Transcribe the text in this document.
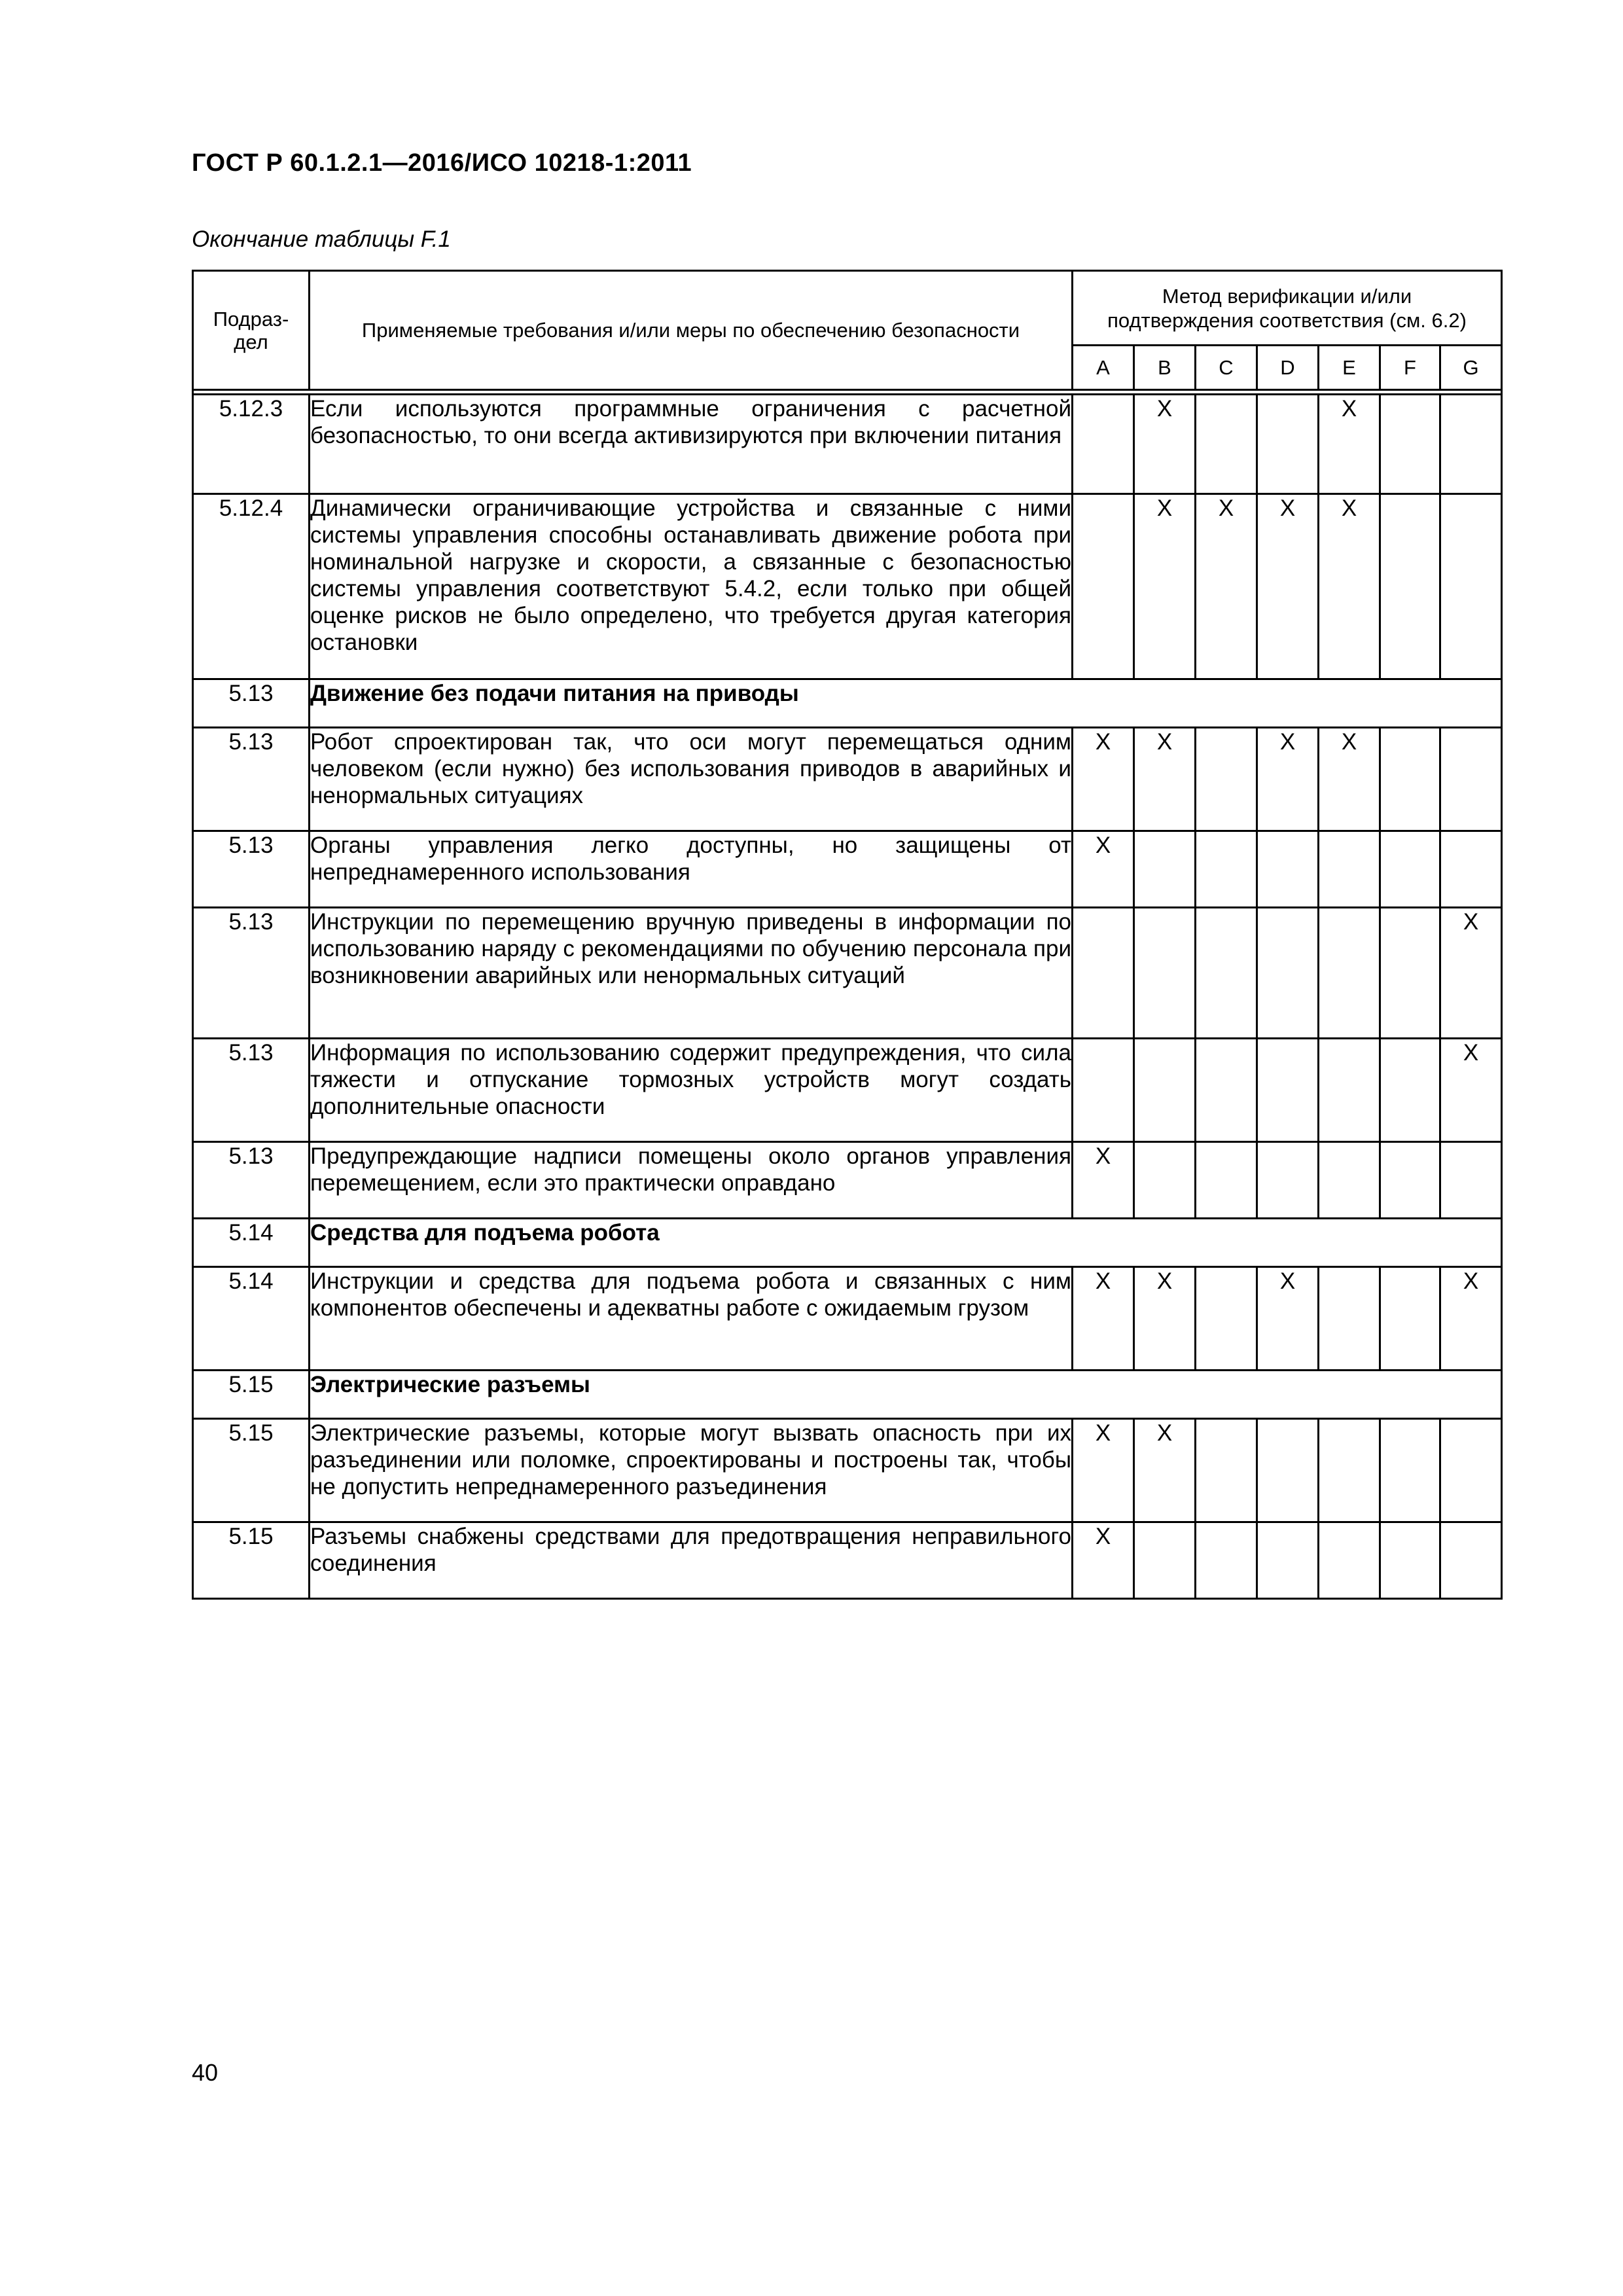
ГОСТ Р 60.1.2.1—2016/ИСО 10218-1:2011
Окончание таблицы F.1
Подраз-
дел	Применяемые требования и/или меры по обеспечению безопасности	Метод верификации и/или
подтверждения соответствия (см. 6.2)						
		A	B	C	D	E	F	G

5.12.3	Если используются программные ограничения с расчетной безопасностью, то они всегда активизируются при включении питания		X			X		
5.12.4	Динамически ограничивающие устройства и связанные с ними системы управления способны останавливать движение робота при номинальной нагрузке и скорости, а связанные с безопасностью системы управления соответствуют 5.4.2, если только при общей оценке рисков не было определено, что требуется другая категория остановки		X	X	X	X		
5.13	Движение без подачи питания на приводы							
5.13	Робот спроектирован так, что оси могут перемещаться одним человеком (если нужно) без использования приводов в аварийных и ненормальных ситуациях	X	X		X	X		
5.13	Органы управления легко доступны, но защищены от непреднамеренного использования	X						
5.13	Инструкции по перемещению вручную приведены в информации по использованию наряду с рекомендациями по обучению персонала при возникновении аварийных или ненормальных ситуаций							X
5.13	Информация по использованию содержит предупреждения, что сила тяжести и отпускание тормозных устройств могут создать дополнительные опасности							X
5.13	Предупреждающие надписи помещены около органов управления перемещением, если это практически оправдано	X						
5.14	Средства для подъема робота							
5.14	Инструкции и средства для подъема робота и связанных с ним компонентов обеспечены и адекватны работе с ожидаемым грузом	X	X		X			X
5.15	Электрические разъемы							
5.15	Электрические разъемы, которые могут вызвать опасность при их разъединении или поломке, спроектированы и построены так, чтобы не допустить непреднамеренного разъединения	X	X					
5.15	Разъемы снабжены средствами для предотвращения неправильного соединения	X						
40
